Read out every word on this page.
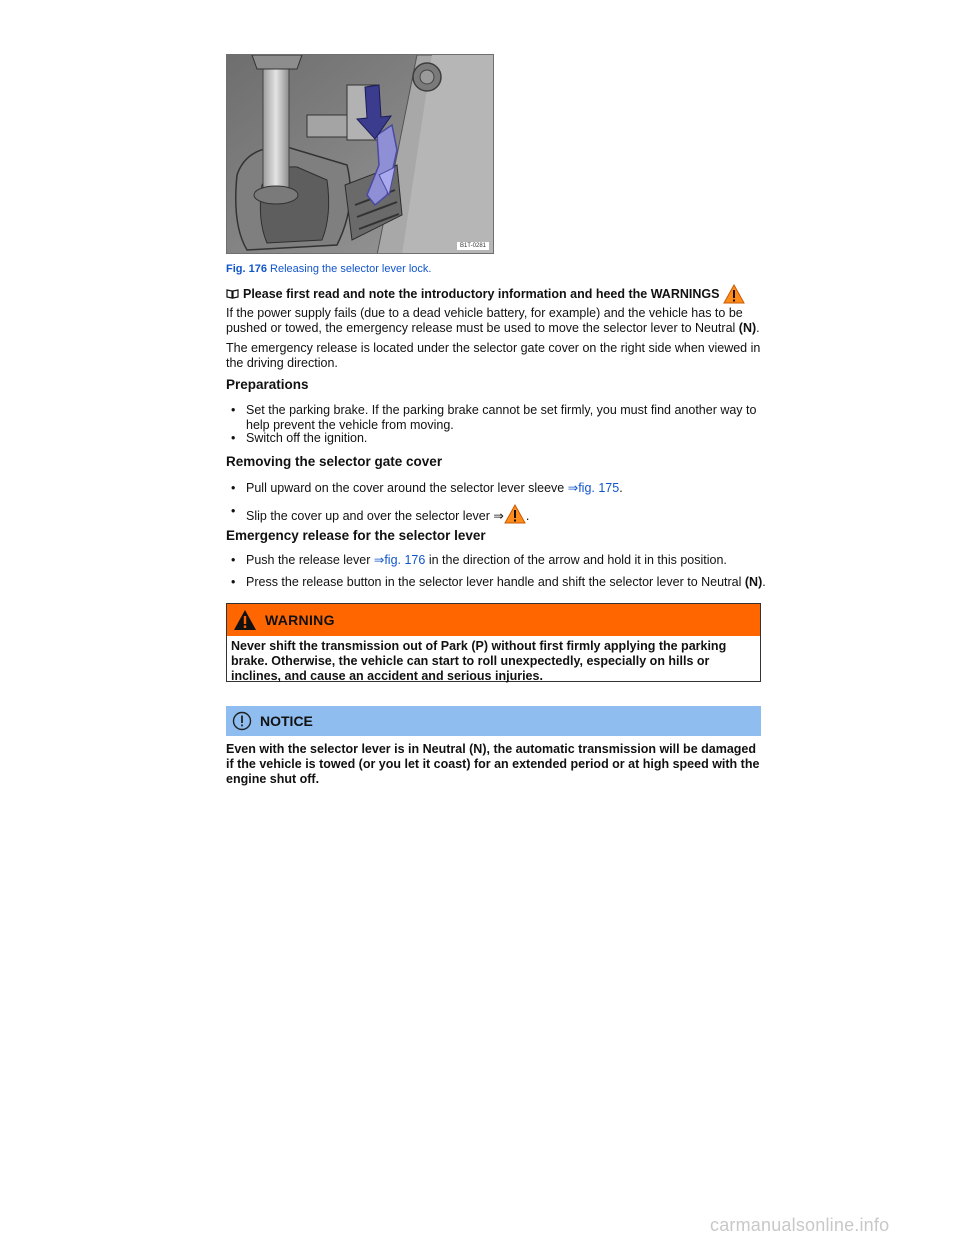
B1T-0281
Fig. 176 Releasing the selector lever lock.
Please first read and note the introductory information and heed the WARNINGS
If the power supply fails (due to a dead vehicle battery, for example) and the vehicle has to be pushed or towed, the emergency release must be used to move the selector lever to Neutral (N).
The emergency release is located under the selector gate cover on the right side when viewed in the driving direction.
Preparations
• Set the parking brake. If the parking brake cannot be set firmly, you must find another way to help prevent the vehicle from moving.
• Switch off the ignition.
Removing the selector gate cover
• Pull upward on the cover around the selector lever sleeve ⇒fig. 175.
• Slip the cover up and over the selector lever ⇒ .
Emergency release for the selector lever
• Push the release lever ⇒fig. 176 in the direction of the arrow and hold it in this position.
• Press the release button in the selector lever handle and shift the selector lever to Neutral (N).
WARNING
Never shift the transmission out of Park (P) without first firmly applying the parking brake. Otherwise, the vehicle can start to roll unexpectedly, especially on hills or inclines, and cause an accident and serious injuries.
NOTICE
Even with the selector lever is in Neutral (N), the automatic transmission will be damaged if the vehicle is towed (or you let it coast) for an extended period or at high speed with the engine shut off.
carmanualsonline.info
